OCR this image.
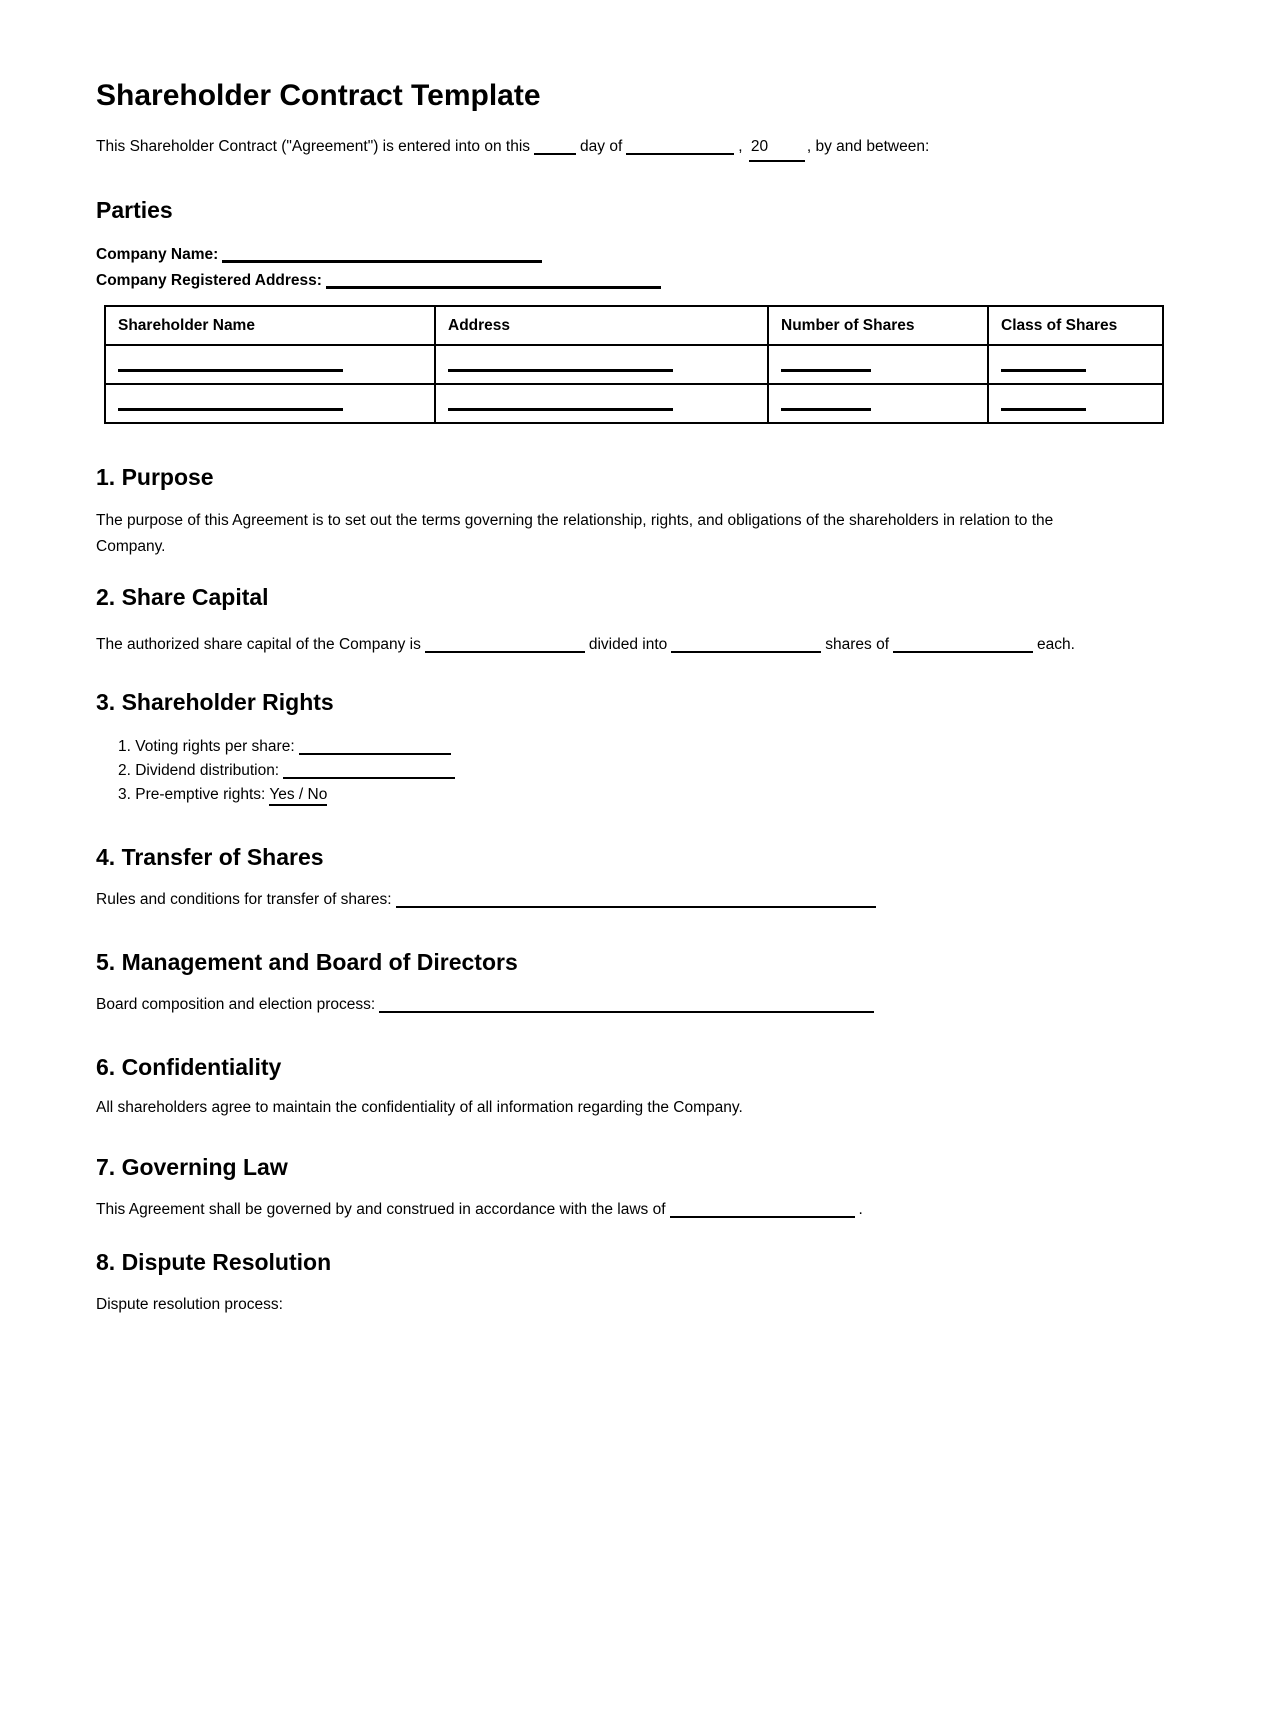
Shareholder Contract Template

This Shareholder Contract ("Agreement") is entered into on this	day of	, 20	, by and between:

Parties
Company Name:
Company Registered Address:
Shareholder Name	Address	Number of Shares	Class of Shares

1. Purpose

The purpose of this Agreement is to set out the terms governing the relationship, rights, and obligations of the shareholders in relation to the Company.

2. Share Capital

The authorized share capital of the Company is	divided into	shares of	each.

3. Shareholder Rights
1. Voting rights per share:
2. Dividend distribution:
3. Pre-emptive rights: Yes / No
4. Transfer of Shares

Rules and conditions for transfer of shares:

5. Management and Board of Directors

Board composition and election process:

6. Confidentiality

All shareholders agree to maintain the confidentiality of all information regarding the Company.

7. Governing Law

This Agreement shall be governed by and construed in accordance with the laws of	.

8. Dispute Resolution

Dispute resolution process:
